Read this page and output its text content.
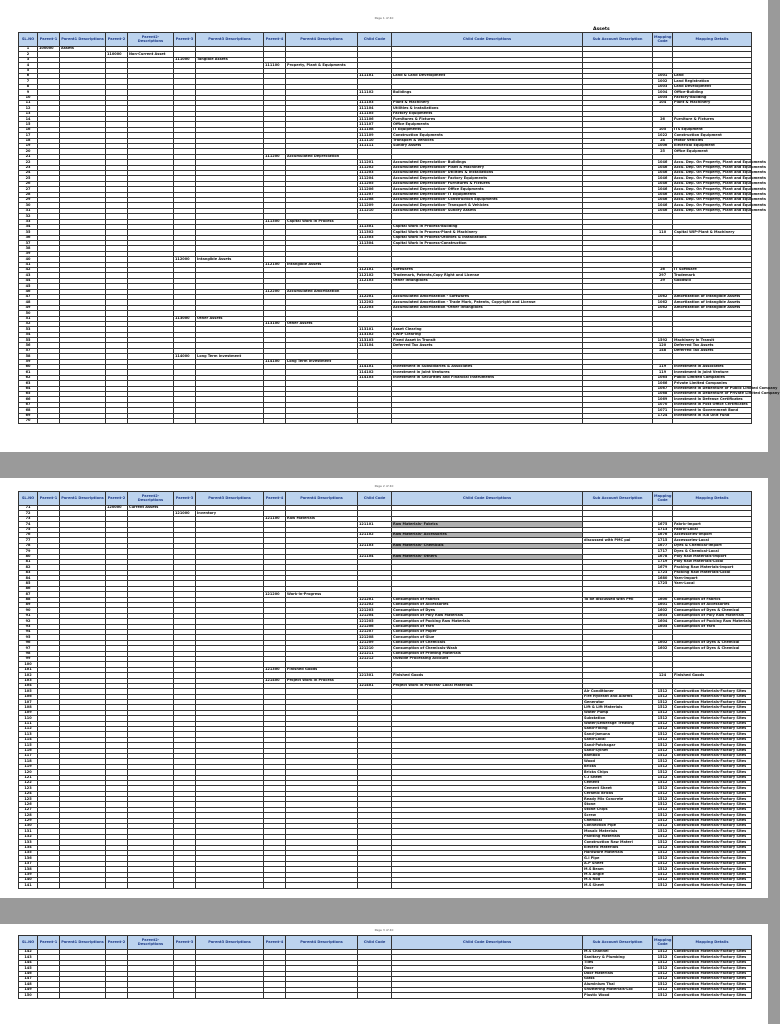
Page 1 of 40
Assets
SL.NO	Parent-1	Parent1 Descriptions	Parent-2	Parent2- Descriptions	Parent-3	Parent3 Descriptions	Parent-4	Parent4 Descriptions	Child Code	Child Code Descriptions	Sub Account Description	Mapping Code	Mapping Details
1	100000	Assets											
2			110000	Non-Current Asset									
3					111000	Tangible Assets							
4							111100	Property, Plant & Equipments					
5													
6									111101	Land & Land Development		1001	Land
7												1002	Land Registration
8												1003	Land Development
9									111102	Buildings		1004	Office-Building
10												1005	Factory-Building
11									111103	Plant & Machinery		104	Plant & Machinery
12									111104	Utilities & Installations			
13									111105	Factory Equipments			
14									111106	Furnitures & Fixtures		26	Furniture & Fixtures
15									111107	Office Equipments			
16									111108	IT Equipments		105	ITS Equipment
17									111109	Construction Equipments		1022	Construction Equipment
18									111110	Transport & Vehicles		24	Motor Vehicles
19									111111	Sundry Assets		1006	Electrical Equipment
20												25	Office Equipment
21							111200	Accumulated Depreciation					
22									111201	Accumulated Depreciation- Buildings		1046	Accu. Dep. On Property, Plant and Equipments
23									111202	Accumulated Depreciation- Plant & Machinery		1046	Accu. Dep. On Property, Plant and Equipments
24									111203	Accumulated Depreciation- Utilities & Installations		1046	Accu. Dep. On Property, Plant and Equipments
25									111204	Accumulated Depreciation- Factory Equipments		1046	Accu. Dep. On Property, Plant and Equipments
26									111205	Accumulated Depreciation- Furnitures & Fixtures		1046	Accu. Dep. On Property, Plant and Equipments
27									111206	Accumulated Depreciation- Office Equipments		1046	Accu. Dep. On Property, Plant and Equipments
28									111207	Accumulated Depreciation- IT Equipments		1046	Accu. Dep. On Property, Plant and Equipments
29									111208	Accumulated Depreciation- Construction Equipments		1046	Accu. Dep. On Property, Plant and Equipments
30									111209	Accumulated Depreciation- Transport & Vehicles		1046	Accu. Dep. On Property, Plant and Equipments
31									111210	Accumulated Depreciation- Sundry Assets		1046	Accu. Dep. On Property, Plant and Equipments
32													
33							111300	Capital Work in Process					
34									111301	Capital Work in Process-Building			
35									111302	Capital Work in Process-Plant & Machinery		110	Capital WIP-Plant & Machinery
36									111303	Capital Work in Process-Utilities & Installations			
37									111304	Capital Work in Process-Construction			
38													
39													
40					112000	Intangible Assets							
41							112100	Intangible Assets					
42									112101	Softwares		26	IT Software
43									112102	Trademark, Patents,Copy Right and License		297	Trademark
44									112103	Other Intangibles		29	Goodwill
45													
46							112200	Accumulated Amortization					
47									112201	Accumulated Amortization - Softwares		1062	Amortization of Intangible Assets
48									112202	Accumulated Amortization - Trade Mark, Patents, Copyright and License		1062	Amortization of Intangible Assets
49									112203	Accumulated Amortization -Other Intangibles		1062	Amortization of Intangible Assets
50													
51					113000	Other Assets							
52							113100	Other Assets					
53									113101	Asset Clearing			
54									113102	CWIP Clearing			
55									113103	Fixed Asset in Transit		1592	Machinery in Transit
56									113104	Deferred Tax Assets		120	Deferred Tax Assets
57												148	Deferred Tax Assets
58					114000	Long Term Investment							
59							114100	Long Term Investment					
60									114101	Investment in Subsidiaries & Associates		119	Investment in Associates
61									114102	Investment in Joint Ventures		119	Investment in Joint Venture
62									114103	Investment in Securities and Financial Instruments		1065	Public Limited Companies
63												1066	Private Limited Companies
64												1067	Investment in Debenture of Public Limited Company
65												1068	Investment in Debenture of Private Limited Company
66												1069	Investment in Defense Certificates
67												1070	Investment in Post Office Certificates
68												1071	Investment in Government Bond
69												1724	Investment in ICB Unit Fund
70													
Page 2 of 40
SL.NO	Parent-1	Parent1 Descriptions	Parent-2	Parent2- Descriptions	Parent-3	Parent3 Descriptions	Parent-4	Parent4 Descriptions	Child Code	Child Code Descriptions	Sub Account Description	Mapping Code	Mapping Details
71			120000	Current Assets									
72					121000	Inventory							
73							121100	Raw Materials					
74									121101	Raw Materials- Fabrics		1675	Fabric-Import
75												1713	Fabric-Local
76									121102	Raw Materials- Accessories		1676	Accessories-Import
77											discussed with PMC pol	1715	Accessories-Local
78									121103	Raw Materials- Chemicals		1677	Dyes & Chemical-Import
79												1717	Dyes & Chemical-Local
80									121104	Raw Materials- Others		1678	Poly Raw Materials-Import
81												1719	Poly Raw Materials-Local
82												1679	Packing Raw Materials-Import
83												1723	Packing Raw Materials-Local
84												1680	Yarn-Import
85												1725	Yarn-Local
86													
87							121200	Work-in-Progress					
88									121201	Consumption of Fabrics	To be discussed with PMI	1600	Consumption of Fabrics
89									121202	Consumption of Accessories		1601	Consumption of Accessories
90									121203	Consumption of Dyes		1602	Consumption of Dyes & Chemical
91									121204	Consumption of Poly Raw Materials		1603	Consumption of Poly Raw Materials
92									121205	Consumption of Packing Raw Materials		1604	Consumption of Packing Raw Materials
93									121206	Consumption of Yarn		1605	Consumption of Yarn
94									121207	Consumption of Paper			
95									121208	Consumption of Glue			
96									121209	Consumption of Chemicals		1602	Consumption of Dyes & Chemical
97									121210	Consumption of Chemicals-Wash		1602	Consumption of Dyes & Chemical
98									121211	Consumption of Printing Materials			
99									121212	Outside Processing Account			
100													
101							121300	Finished Goods					
102									121301	Finished Goods		124	Finished Goods
103							121400	Project Work in Process					
104									121401	Project Work in Process- Local Materials			
105											Air Conditioner	1512	Construction Materials-Factory Sites
106											Fire Hydrant and Alarms	1512	Construction Materials-Factory Sites
107											Generator	1512	Construction Materials-Factory Sites
108											Lift & Lift Materials	1512	Construction Materials-Factory Sites
109											Water Pump	1512	Construction Materials-Factory Sites
110											Substation	1512	Construction Materials-Factory Sites
111											Water/Sewerage Treating	1512	Construction Materials-Factory Sites
112											Sand-Filling	1512	Construction Materials-Factory Sites
113											Sand-Jamuna	1512	Construction Materials-Factory Sites
114											Sand-Local	1512	Construction Materials-Factory Sites
115											Sand-Patchagar	1512	Construction Materials-Factory Sites
116											Sand-Sylhet	1512	Construction Materials-Factory Sites
117											Bamboo	1512	Construction Materials-Factory Sites
118											Wood	1512	Construction Materials-Factory Sites
119											Bricks	1512	Construction Materials-Factory Sites
120											Bricks Chips	1512	Construction Materials-Factory Sites
121											C.I Sheet	1512	Construction Materials-Factory Sites
122											Cement	1512	Construction Materials-Factory Sites
123											Cement Sheet	1512	Construction Materials-Factory Sites
124											Ceramic Bricks	1512	Construction Materials-Factory Sites
125											Ready Mix Concrete	1512	Construction Materials-Factory Sites
126											Stone	1512	Construction Materials-Factory Sites
127											Stone Chips	1512	Construction Materials-Factory Sites
128											Screw	1512	Construction Materials-Factory Sites
129											Chemical	1512	Construction Materials-Factory Sites
130											Connection Pipe	1512	Construction Materials-Factory Sites
131											Mosaic Materials	1512	Construction Materials-Factory Sites
132											Painting Materials	1512	Construction Materials-Factory Sites
133											Construction Raw Materi	1512	Construction Materials-Factory Sites
134											Electric Materials	1512	Construction Materials-Factory Sites
135											Hardware Materials	1512	Construction Materials-Factory Sites
136											G.I Pipe	1512	Construction Materials-Factory Sites
137											A.P Sheet	1512	Construction Materials-Factory Sites
138											M.S Beam	1512	Construction Materials-Factory Sites
139											M.S Angle	1512	Construction Materials-Factory Sites
140											M.S Rod	1512	Construction Materials-Factory Sites
141											M.S Sheet	1512	Construction Materials-Factory Sites
Page 3 of 40
SL.NO	Parent-1	Parent1 Descriptions	Parent-2	Parent2- Descriptions	Parent-3	Parent3 Descriptions	Parent-4	Parent4 Descriptions	Child Code	Child Code Descriptions	Sub Account Description	Mapping Code	Mapping Details
142											M.S Channel	1512	Construction Materials-Factory Sites
143											Sanitary & Plumbing	1512	Construction Materials-Factory Sites
144											Tiles	1512	Construction Materials-Factory Sites
145											Door	1512	Construction Materials-Factory Sites
146											Door Materials	1512	Construction Materials-Factory Sites
147											Glass	1512	Construction Materials-Factory Sites
148											Aluminium Thai	1512	Construction Materials-Factory Sites
149											Shuttering Materials-Loc	1512	Construction Materials-Factory Sites
150											Plastic Wood	1512	Construction Materials-Factory Sites
